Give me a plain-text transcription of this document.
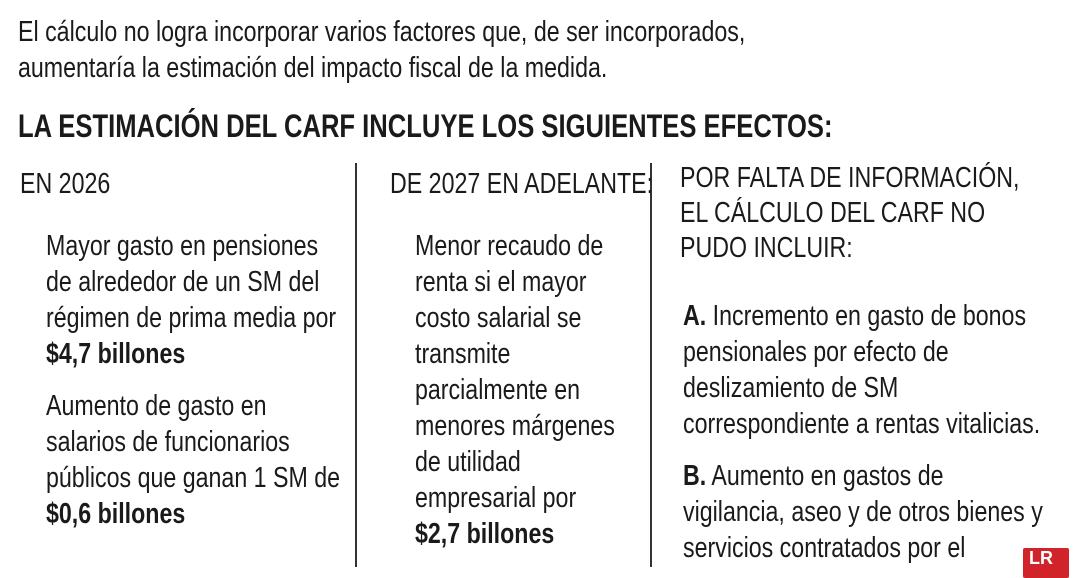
El cálculo no logra incorporar varios factores que, de ser incorporados,
aumentaría la estimación del impacto fiscal de la medida.
LA ESTIMACIÓN DEL CARF INCLUYE LOS SIGUIENTES EFECTOS:
EN 2026
Mayor gasto en pensiones
de alrededor de un SM del
régimen de prima media por
$4,7 billones
Aumento de gasto en
salarios de funcionarios
públicos que ganan 1 SM de
$0,6 billones
DE 2027 EN ADELANTE:
Menor recaudo de
renta si el mayor
costo salarial se
transmite
parcialmente en
menores márgenes
de utilidad
empresarial por
$2,7 billones
POR FALTA DE INFORMACIÓN,
EL CÁLCULO DEL CARF NO
PUDO INCLUIR:
A. Incremento en gasto de bonos
pensionales por efecto de
deslizamiento de SM
correspondiente a rentas vitalicias.
B. Aumento en gastos de
vigilancia, aseo y de otros bienes y
servicios contratados por el	LR
